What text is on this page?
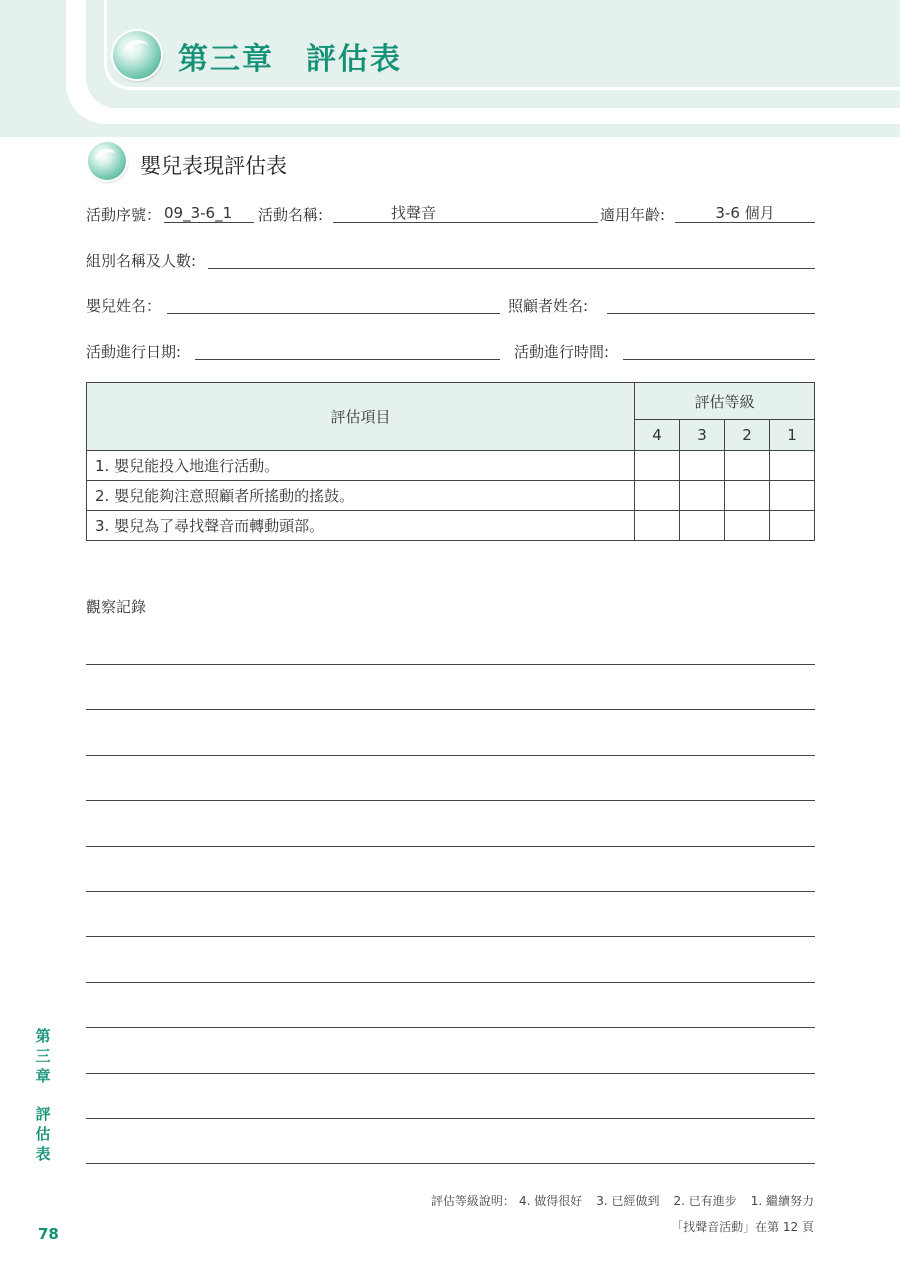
第三章　評估表
嬰兒表現評估表
活動序號： 09_3-6_1	活動名稱:	找聲音	適用年齡:	3-6 個月
組別名稱及人數:
嬰兒姓名：	照顧者姓名:
活動進行日期:	活動進行時間:
評估項目	評估等級			
	4	3	2	1
1. 嬰兒能投入地進行活動。				
2. 嬰兒能夠注意照顧者所搖動的搖鼓。				
3. 嬰兒為了尋找聲音而轉動頭部。				
觀察記錄
第
三
章
評
估
表
78
評估等級說明： 4. 做得很好 3. 已經做到 2. 已有進步 1. 繼續努力
「找聲音活動」在第 12 頁
